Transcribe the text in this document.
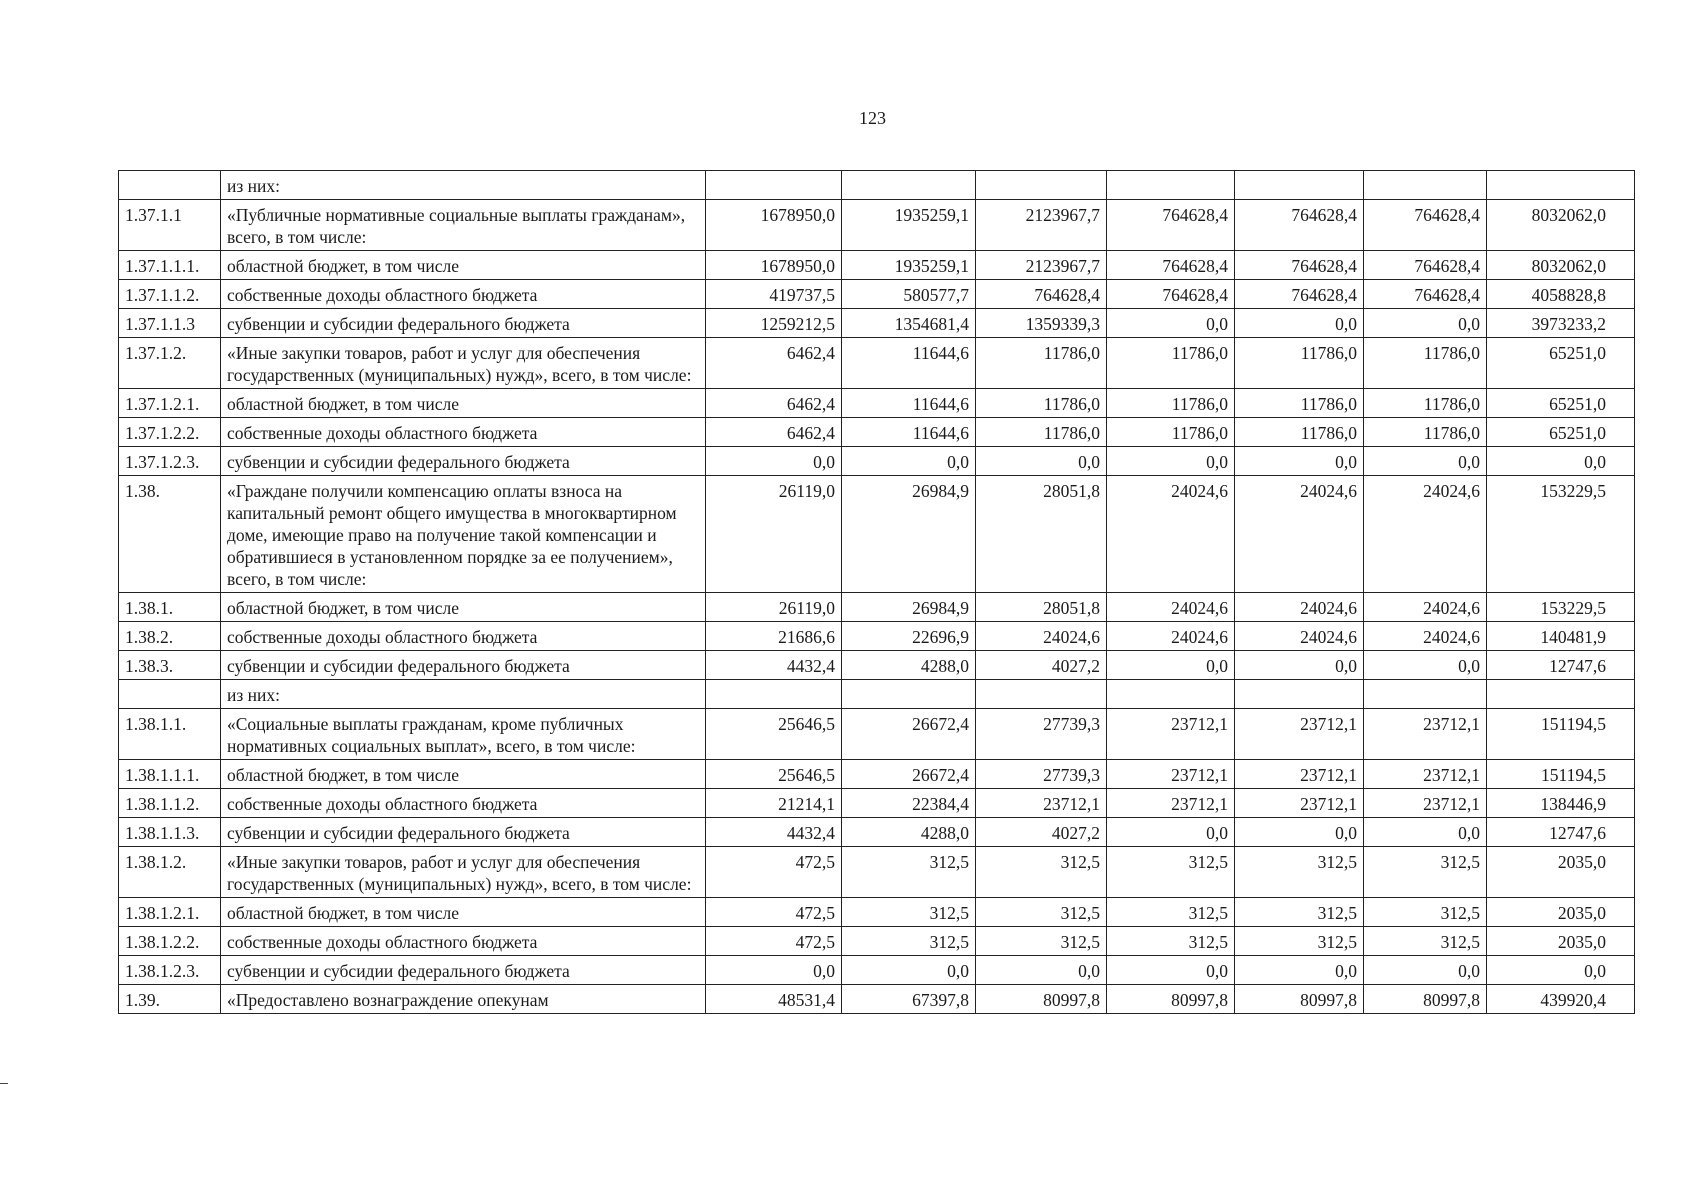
123
	из них:							
1.37.1.1	«Публичные нормативные социальные выплаты гражданам», всего, в том числе:	1678950,0	1935259,1	2123967,7	764628,4	764628,4	764628,4	8032062,0
1.37.1.1.1.	областной бюджет, в том числе	1678950,0	1935259,1	2123967,7	764628,4	764628,4	764628,4	8032062,0
1.37.1.1.2.	собственные доходы областного бюджета	419737,5	580577,7	764628,4	764628,4	764628,4	764628,4	4058828,8
1.37.1.1.3	субвенции и субсидии федерального бюджета	1259212,5	1354681,4	1359339,3	0,0	0,0	0,0	3973233,2
1.37.1.2.	«Иные закупки товаров, работ и услуг для обеспечения государственных (муниципальных) нужд», всего, в том числе:	6462,4	11644,6	11786,0	11786,0	11786,0	11786,0	65251,0
1.37.1.2.1.	областной бюджет, в том числе	6462,4	11644,6	11786,0	11786,0	11786,0	11786,0	65251,0
1.37.1.2.2.	собственные доходы областного бюджета	6462,4	11644,6	11786,0	11786,0	11786,0	11786,0	65251,0
1.37.1.2.3.	субвенции и субсидии федерального бюджета	0,0	0,0	0,0	0,0	0,0	0,0	0,0
1.38.	«Граждане получили компенсацию оплаты взноса на капитальный ремонт общего имущества в многоквартирном доме, имеющие право на получение такой компенсации и обратившиеся в установленном порядке за ее получением», всего, в том числе:	26119,0	26984,9	28051,8	24024,6	24024,6	24024,6	153229,5
1.38.1.	областной бюджет, в том числе	26119,0	26984,9	28051,8	24024,6	24024,6	24024,6	153229,5
1.38.2.	собственные доходы областного бюджета	21686,6	22696,9	24024,6	24024,6	24024,6	24024,6	140481,9
1.38.3.	субвенции и субсидии федерального бюджета	4432,4	4288,0	4027,2	0,0	0,0	0,0	12747,6
	из них:							
1.38.1.1.	«Социальные выплаты гражданам, кроме публичных нормативных социальных выплат», всего, в том числе:	25646,5	26672,4	27739,3	23712,1	23712,1	23712,1	151194,5
1.38.1.1.1.	областной бюджет, в том числе	25646,5	26672,4	27739,3	23712,1	23712,1	23712,1	151194,5
1.38.1.1.2.	собственные доходы областного бюджета	21214,1	22384,4	23712,1	23712,1	23712,1	23712,1	138446,9
1.38.1.1.3.	субвенции и субсидии федерального бюджета	4432,4	4288,0	4027,2	0,0	0,0	0,0	12747,6
1.38.1.2.	«Иные закупки товаров, работ и услуг для обеспечения государственных (муниципальных) нужд», всего, в том числе:	472,5	312,5	312,5	312,5	312,5	312,5	2035,0
1.38.1.2.1.	областной бюджет, в том числе	472,5	312,5	312,5	312,5	312,5	312,5	2035,0
1.38.1.2.2.	собственные доходы областного бюджета	472,5	312,5	312,5	312,5	312,5	312,5	2035,0
1.38.1.2.3.	субвенции и субсидии федерального бюджета	0,0	0,0	0,0	0,0	0,0	0,0	0,0
1.39.	«Предоставлено вознаграждение опекунам	48531,4	67397,8	80997,8	80997,8	80997,8	80997,8	439920,4
